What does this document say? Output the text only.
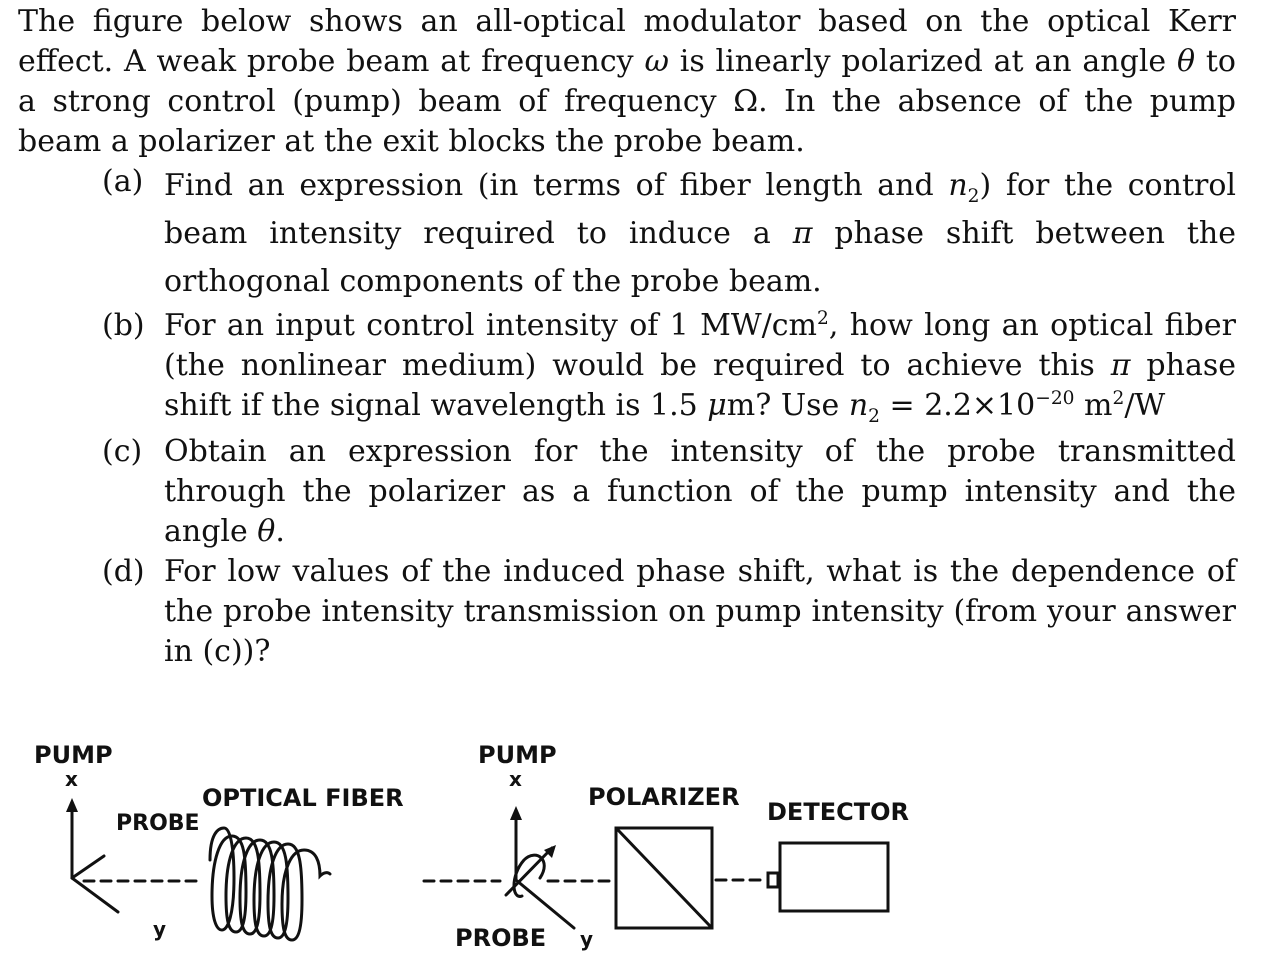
The figure below shows an all-optical modulator based on the optical Kerr effect. A weak probe beam at frequency ω is linearly polarized at an angle θ to a strong control (pump) beam of frequency Ω. In the absence of the pump beam a polarizer at the exit blocks the probe beam.

(a) Find an expression (in terms of fiber length and $n_2$) for the control beam intensity required to induce a π phase shift between the orthogonal components of the probe beam.
(b) For an input control intensity of 1 $MW/cm^2$, how long an optical fiber (the nonlinear medium) would be required to achieve this π phase shift if the signal wavelength is 1.5 μm? Use $n_2 = 2.2\times 10^{-20}$ $m^2/W$
(c) Obtain an expression for the intensity of the probe transmitted through the polarizer as a function of the pump intensity and the angle θ.
(d) For low values of the induced phase shift, what is the dependence of the probe intensity transmission on pump intensity (from your answer in (c))?
PUMP
x
PROBE
y
OPTICAL FIBER
PUMP
x
PROBE y
POLARIZER
DETECTOR
